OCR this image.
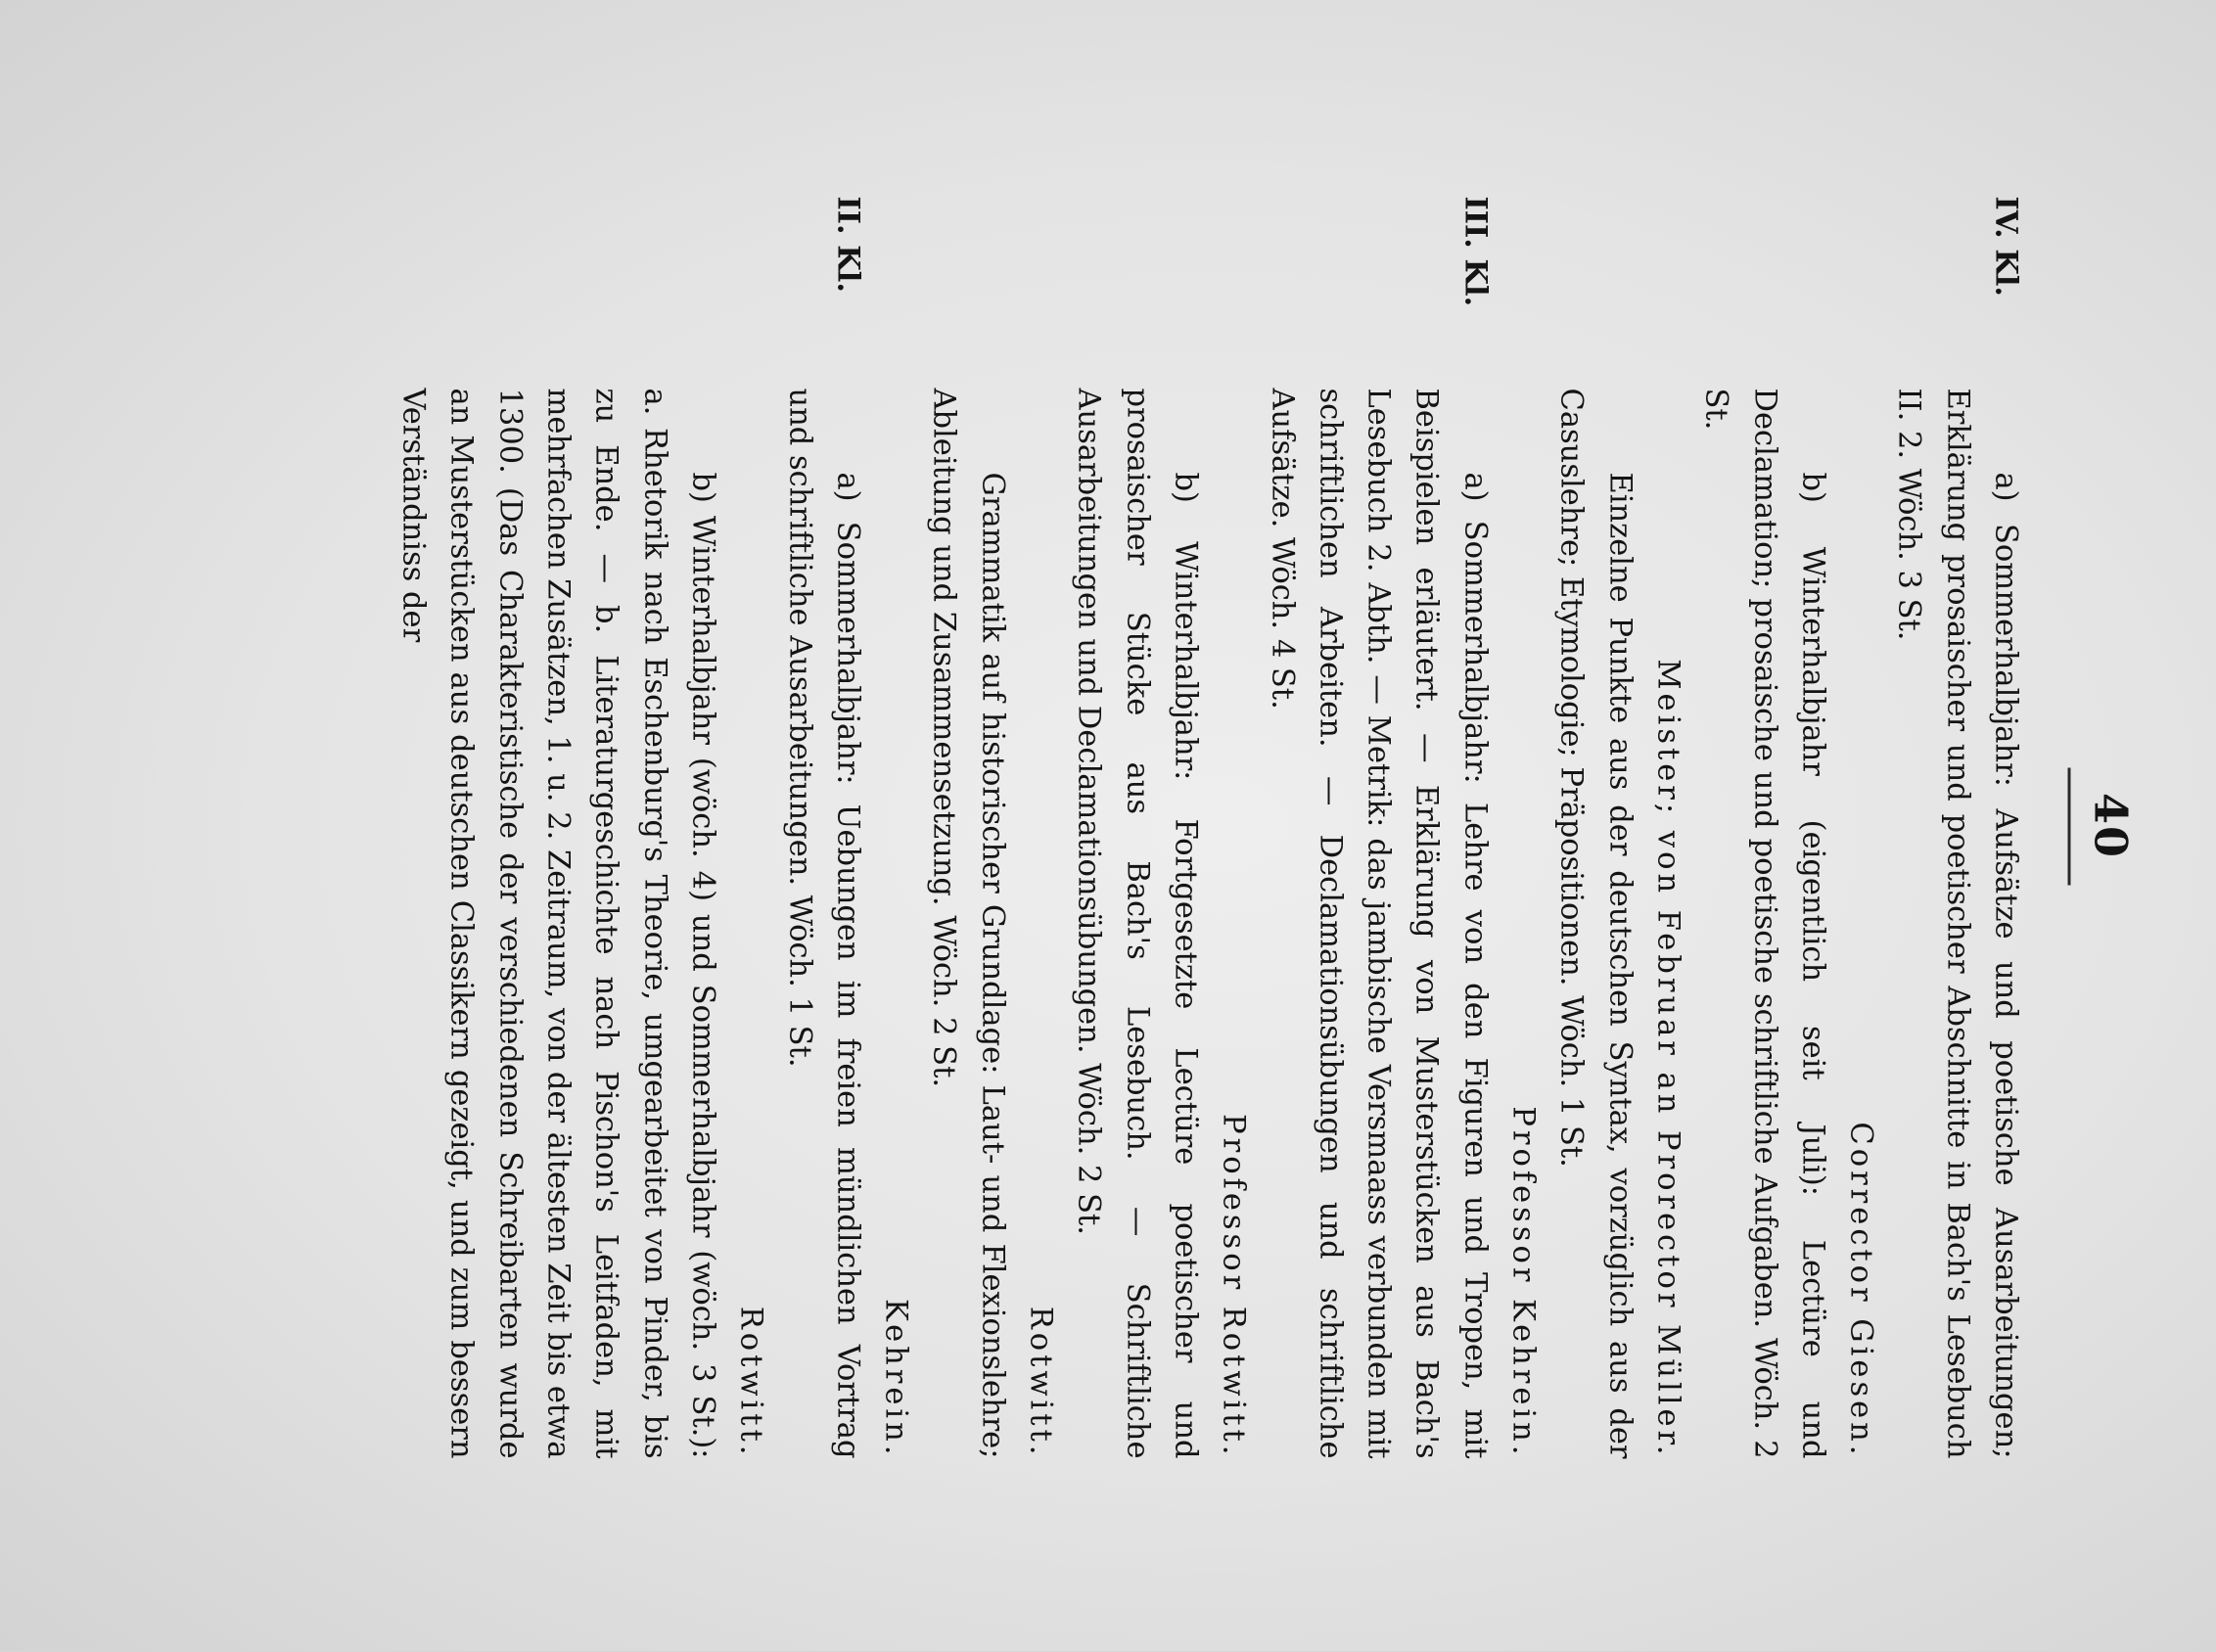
40
IV. Kl.

a) Sommerhalbjahr: Aufsätze und poetische Ausarbeitungen; Erklärung prosaischer und poetischer Abschnitte in Bach's Lesebuch II. 2. Wöch. 3 St.

Corrector Giesen.

b) Winterhalbjahr (eigentlich seit Juli): Lectüre und Declamation; prosaische und poetische schriftliche Aufgaben. Wöch. 2 St.

Meister; von Februar an Prorector Müller.

Einzelne Punkte aus der deutschen Syntax, vorzüglich aus der Casuslehre; Etymologie; Präpositionen. Wöch. 1 St.

Professor Kehrein.

III. Kl.

a) Sommerhalbjahr: Lehre von den Figuren und Tropen, mit Beispielen erläutert. — Erklärung von Musterstücken aus Bach's Lesebuch 2. Abth. — Metrik: das jambische Versmaass verbunden mit schriftlichen Arbeiten. — Declamationsübungen und schriftliche Aufsätze. Wöch. 4 St.

Professor Rotwitt.

b) Winterhalbjahr: Fortgesetzte Lectüre poetischer und prosaischer Stücke aus Bach's Lesebuch. — Schriftliche Ausarbeitungen und Declamationsübungen. Wöch. 2 St.

Rotwitt.

Grammatik auf historischer Grundlage: Laut- und Flexionslehre; Ableitung und Zusammensetzung. Wöch. 2 St.

Kehrein.

II. Kl.

a) Sommerhalbjahr: Uebungen im freien mündlichen Vortrag und schriftliche Ausarbeitungen. Wöch. 1 St.

Rotwitt.

b) Winterhalbjahr (wöch. 4) und Sommerhalbjahr (wöch. 3 St.): a. Rhetorik nach Eschenburg's Theorie, umgearbeitet von Pinder, bis zu Ende. — b. Literaturgeschichte nach Pischon's Leitfaden, mit mehrfachen Zusätzen, 1. u. 2. Zeitraum, von der ältesten Zeit bis etwa 1300. (Das Charakteristische der verschiedenen Schreibarten wurde an Musterstücken aus deutschen Classikern gezeigt, und zum bessern Verständniss der
